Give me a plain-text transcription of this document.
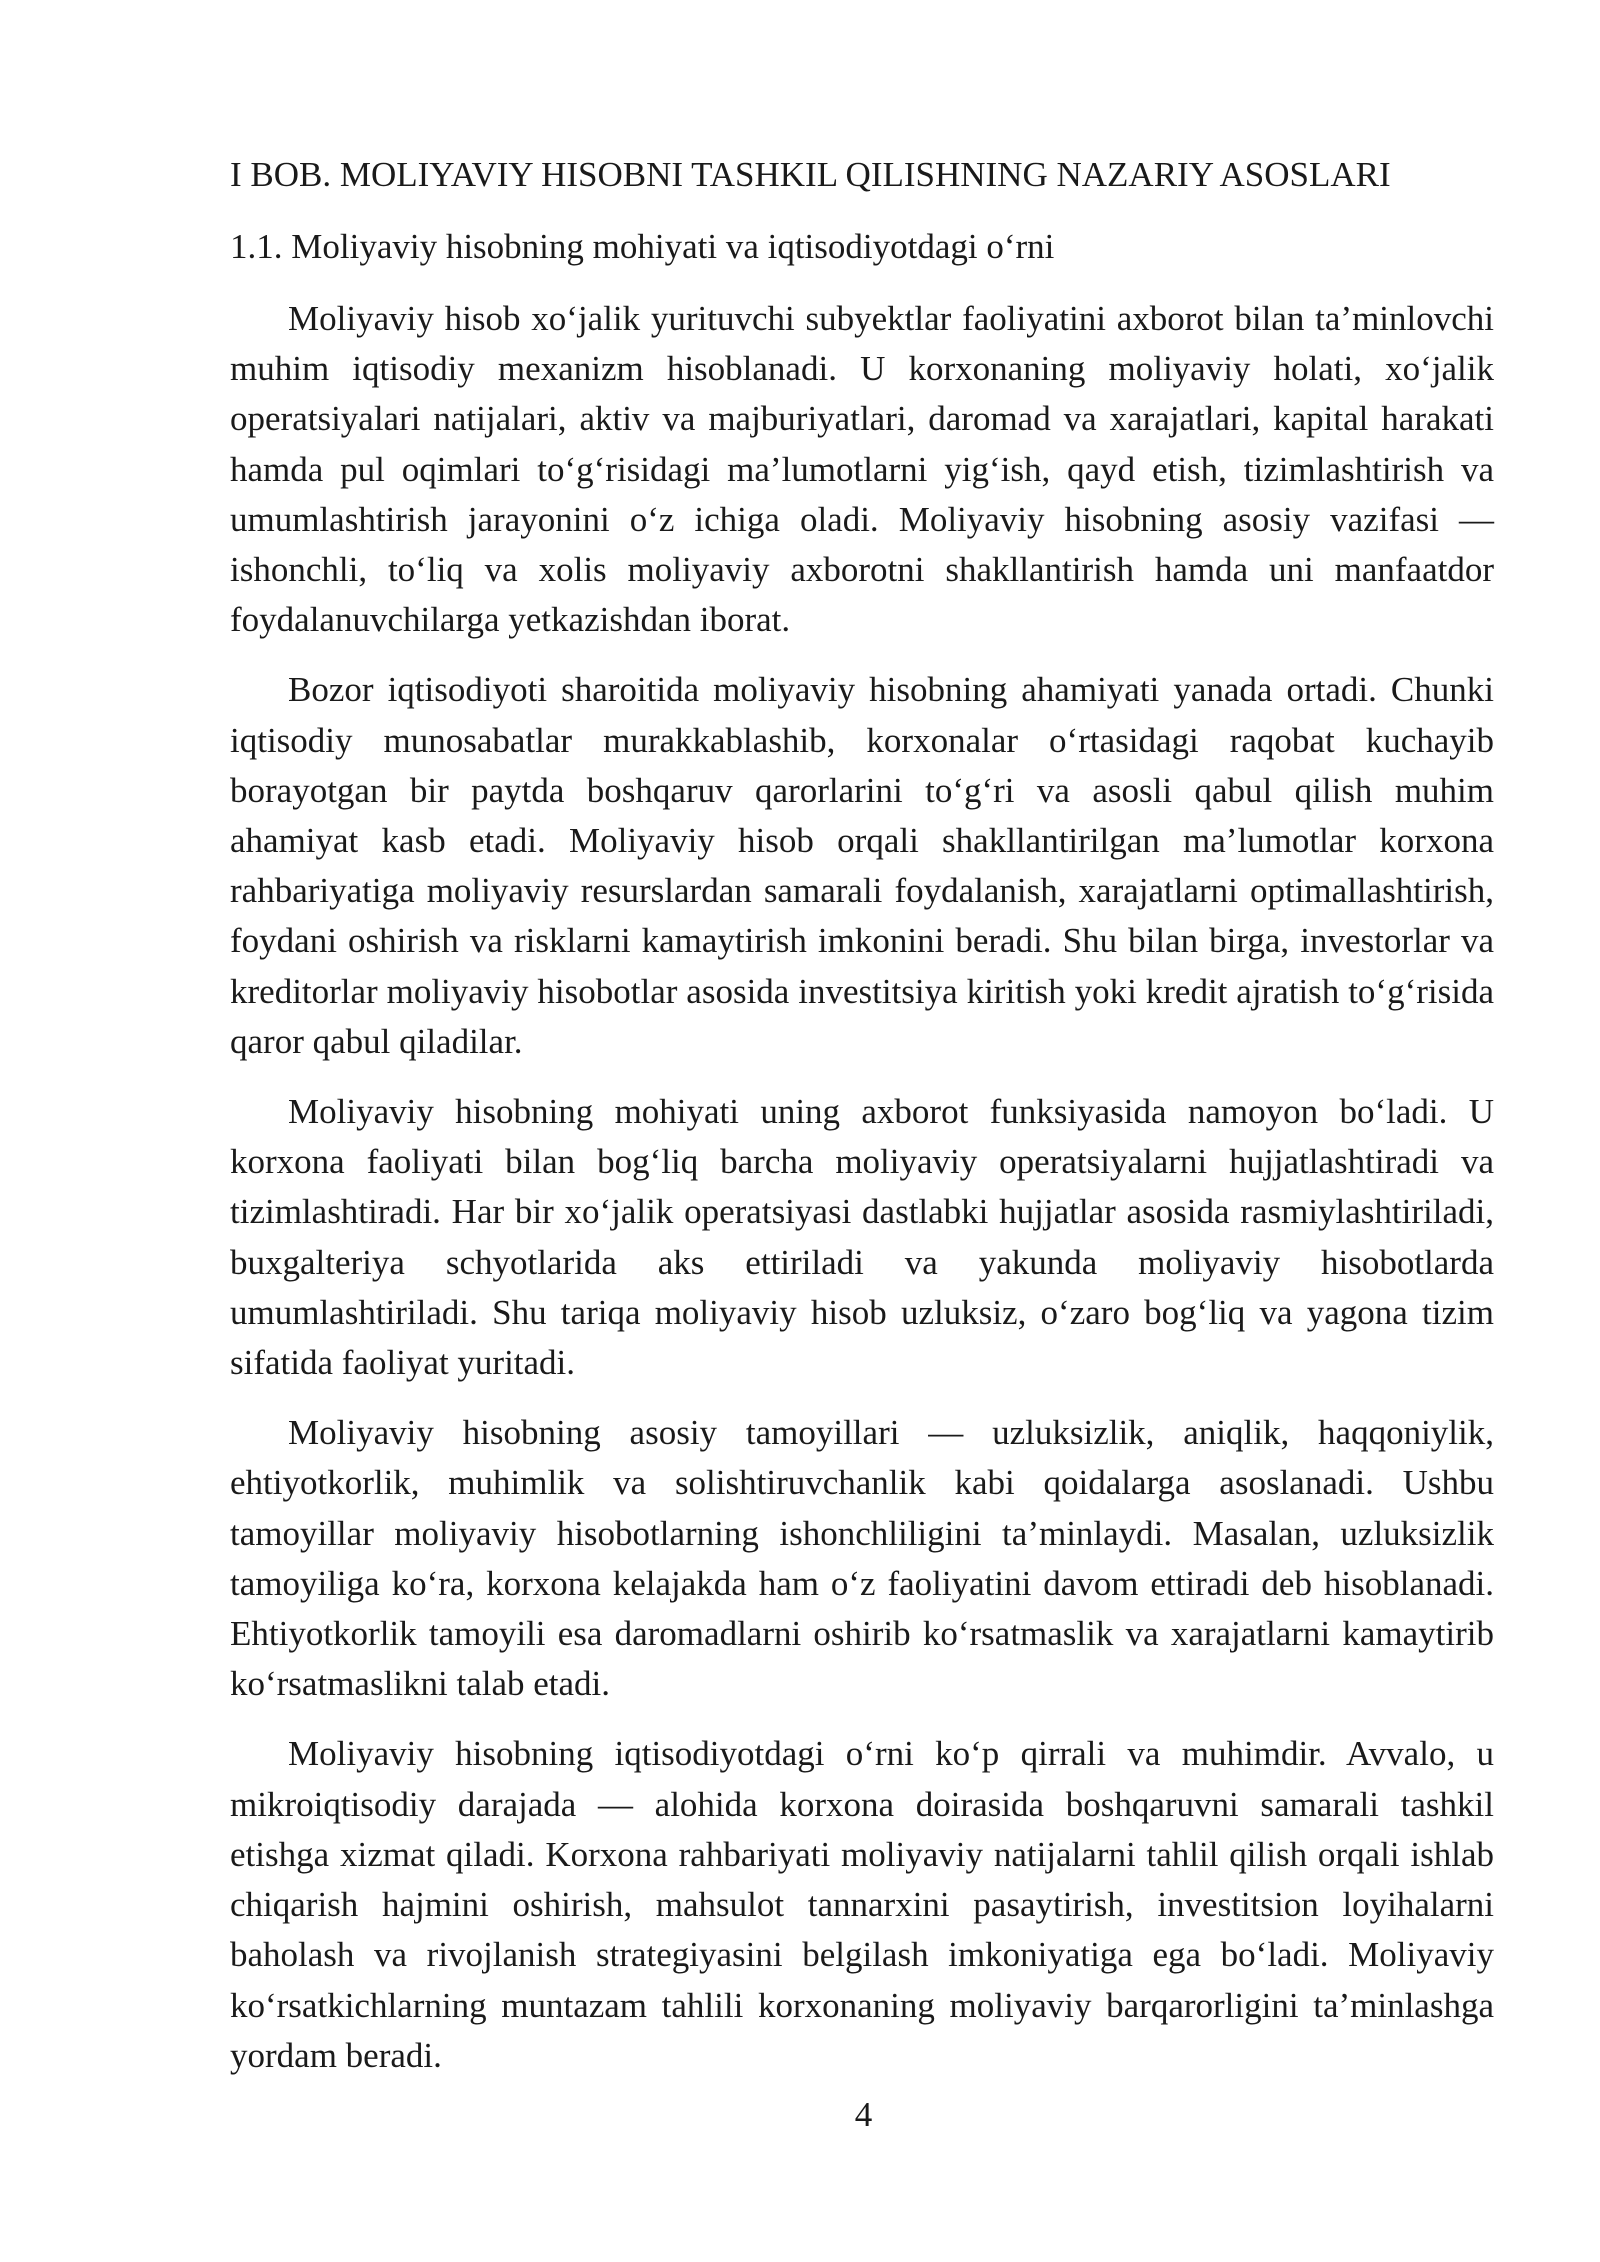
I BOB. MOLIYAVIY HISOBNI TASHKIL QILISHNING NAZARIY ASOSLARI
1.1. Moliyaviy hisobning mohiyati va iqtisodiyotdagi o‘rni

Moliyaviy hisob xo‘jalik yurituvchi subyektlar faoliyatini axborot bilan ta’minlovchi muhim iqtisodiy mexanizm hisoblanadi. U korxonaning moliyaviy holati, xo‘jalik operatsiyalari natijalari, aktiv va majburiyatlari, daromad va xarajatlari, kapital harakati hamda pul oqimlari to‘g‘risidagi ma’lumotlarni yig‘ish, qayd etish, tizimlashtirish va umumlashtirish jarayonini o‘z ichiga oladi. Moliyaviy hisobning asosiy vazifasi — ishonchli, to‘liq va xolis moliyaviy axborotni shakllantirish hamda uni manfaatdor foydalanuvchilarga yetkazishdan iborat.

Bozor iqtisodiyoti sharoitida moliyaviy hisobning ahamiyati yanada ortadi. Chunki iqtisodiy munosabatlar murakkablashib, korxonalar o‘rtasidagi raqobat kuchayib borayotgan bir paytda boshqaruv qarorlarini to‘g‘ri va asosli qabul qilish muhim ahamiyat kasb etadi. Moliyaviy hisob orqali shakllantirilgan ma’lumotlar korxona rahbariyatiga moliyaviy resurslardan samarali foydalanish, xarajatlarni optimallashtirish, foydani oshirish va risklarni kamaytirish imkonini beradi. Shu bilan birga, investorlar va kreditorlar moliyaviy hisobotlar asosida investitsiya kiritish yoki kredit ajratish to‘g‘risida qaror qabul qiladilar.

Moliyaviy hisobning mohiyati uning axborot funksiyasida namoyon bo‘ladi. U korxona faoliyati bilan bog‘liq barcha moliyaviy operatsiyalarni hujjatlashtiradi va tizimlashtiradi. Har bir xo‘jalik operatsiyasi dastlabki hujjatlar asosida rasmiylashtiriladi, buxgalteriya schyotlarida aks ettiriladi va yakunda moliyaviy hisobotlarda umumlashtiriladi. Shu tariqa moliyaviy hisob uzluksiz, o‘zaro bog‘liq va yagona tizim sifatida faoliyat yuritadi.

Moliyaviy hisobning asosiy tamoyillari — uzluksizlik, aniqlik, haqqoniylik, ehtiyotkorlik, muhimlik va solishtiruvchanlik kabi qoidalarga asoslanadi. Ushbu tamoyillar moliyaviy hisobotlarning ishonchliligini ta’minlaydi. Masalan, uzluksizlik tamoyiliga ko‘ra, korxona kelajakda ham o‘z faoliyatini davom ettiradi deb hisoblanadi. Ehtiyotkorlik tamoyili esa daromadlarni oshirib ko‘rsatmaslik va xarajatlarni kamaytirib ko‘rsatmaslikni talab etadi.

Moliyaviy hisobning iqtisodiyotdagi o‘rni ko‘p qirrali va muhimdir. Avvalo, u mikroiqtisodiy darajada — alohida korxona doirasida boshqaruvni samarali tashkil etishga xizmat qiladi. Korxona rahbariyati moliyaviy natijalarni tahlil qilish orqali ishlab chiqarish hajmini oshirish, mahsulot tannarxini pasaytirish, investitsion loyihalarni baholash va rivojlanish strategiyasini belgilash imkoniyatiga ega bo‘ladi. Moliyaviy ko‘rsatkichlarning muntazam tahlili korxonaning moliyaviy barqarorligini ta’minlashga yordam beradi.

4
